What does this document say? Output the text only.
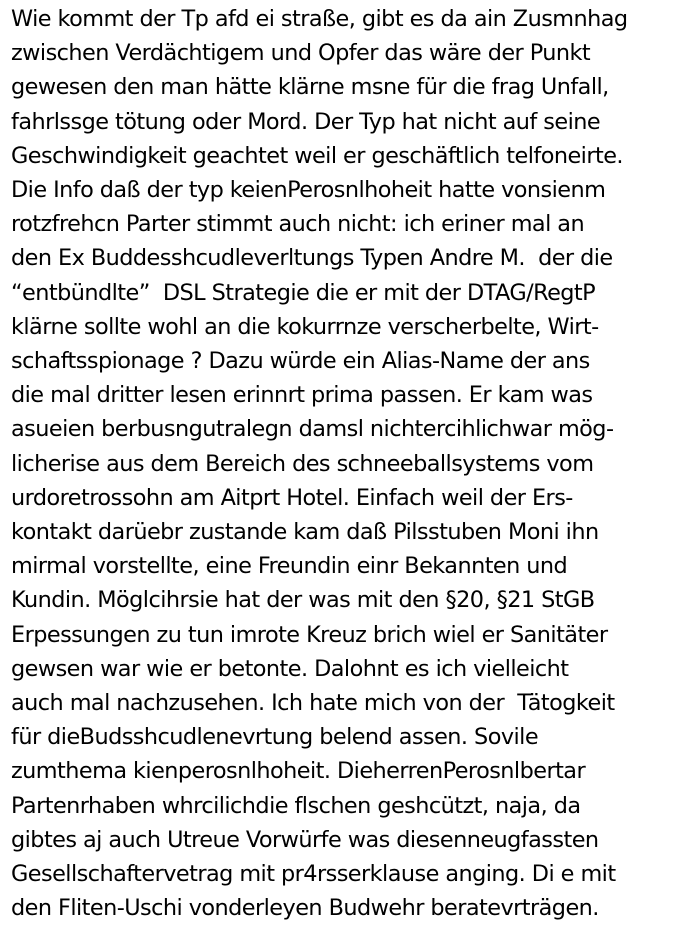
Wie kommt der Tp afd ei straße, gibt es da ain Zusmnhag
zwischen Verdächtigem und Opfer das wäre der Punkt
gewesen den man hätte klärne msne für die frag Unfall,
fahrlssge tötung oder Mord. Der Typ hat nicht auf seine
Geschwindigkeit geachtet weil er geschäftlich telfoneirte.
Die Info daß der typ keienPerosnlhoheit hatte vonsienm
rotzfrehcn Parter stimmt auch nicht: ich eriner mal an
den Ex Buddesshcudleverltungs Typen Andre M.  der die
“entbündlte”  DSL Strategie die er mit der DTAG/RegtP
klärne sollte wohl an die kokurrnze verscherbelte, Wirt-
schaftsspionage ? Dazu würde ein Alias-Name der ans
die mal dritter lesen erinnrt prima passen. Er kam was
asueien berbusngutralegn damsl nichtercihlichwar mög-
licherise aus dem Bereich des schneeballsystems vom
urdoretrossohn am Aitprt Hotel. Einfach weil der Ers-
kontakt darüebr zustande kam daß Pilsstuben Moni ihn
mirmal vorstellte, eine Freundin einr Bekannten und
Kundin. Möglcihrsie hat der was mit den §20, §21 StGB
Erpessungen zu tun imrote Kreuz brich wiel er Sanitäter
gewsen war wie er betonte. Dalohnt es ich vielleicht
auch mal nachzusehen. Ich hate mich von der  Tätogkeit
für dieBudsshcudlenevrtung belend assen. Sovile
zumthema kienperosnlhoheit. DieherrenPerosnlbertar
Partenrhaben whrcilichdie flschen geshcützt, naja, da
gibtes aj auch Utreue Vorwürfe was diesenneugfassten
Gesellschaftervetrag mit pr4rsserklause anging. Di e mit
den Fliten-Uschi vonderleyen Budwehr beratevrträgen.
